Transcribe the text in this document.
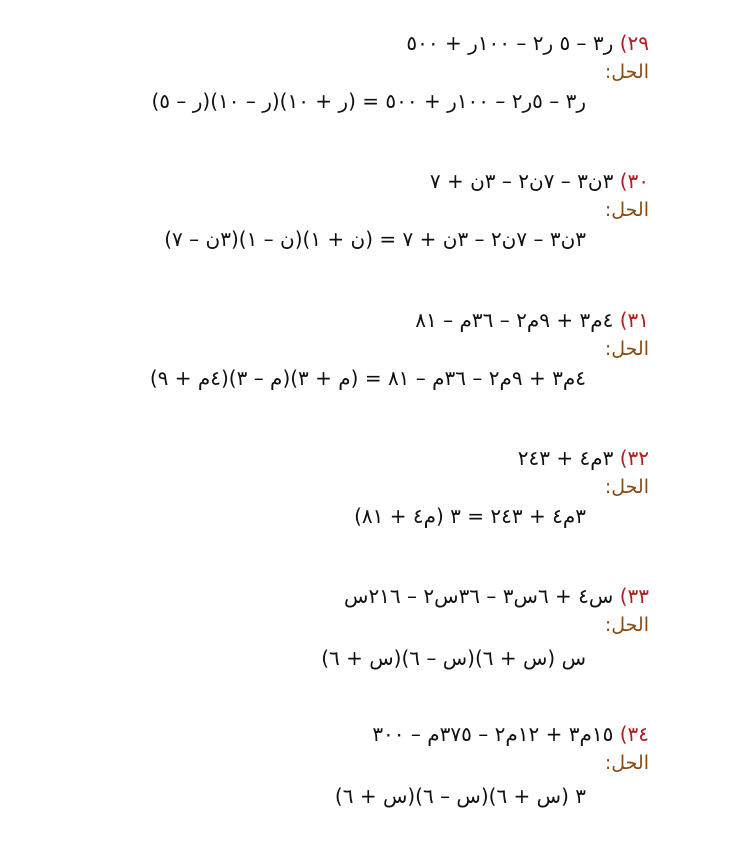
٢٩) ر٣ – ٥ ر٢ – ١٠٠ر + ٥٠٠
الحل:
ر٣ – ٥ر٢ – ١٠٠ر + ٥٠٠ = (ر + ١٠)(ر – ١٠)(ر – ٥)
٣٠) ٣ن٣ – ٧ن٢ – ٣ن + ٧
الحل:
٣ن٣ – ٧ن٢ – ٣ن + ٧ = (ن + ١)(ن – ١)(٣ن – ٧)
٣١) ٤م٣ + ٩م٢ – ٣٦م – ٨١
الحل:
٤م٣ + ٩م٢ – ٣٦م – ٨١ = (م + ٣)(م – ٣)(٤م + ٩)
٣٢) ٣م٤ + ٢٤٣
الحل:
٣م٤ + ٢٤٣ = ٣ (م٤ + ٨١)
٣٣) س٤ + ٦س٣ – ٣٦س٢ – ٢١٦س
الحل:
س (س + ٦)(س – ٦)(س + ٦)
٣٤) ١٥م٣ + ١٢م٢ – ٣٧٥م – ٣٠٠
الحل:
٣ (س + ٦)(س – ٦)(س + ٦)
